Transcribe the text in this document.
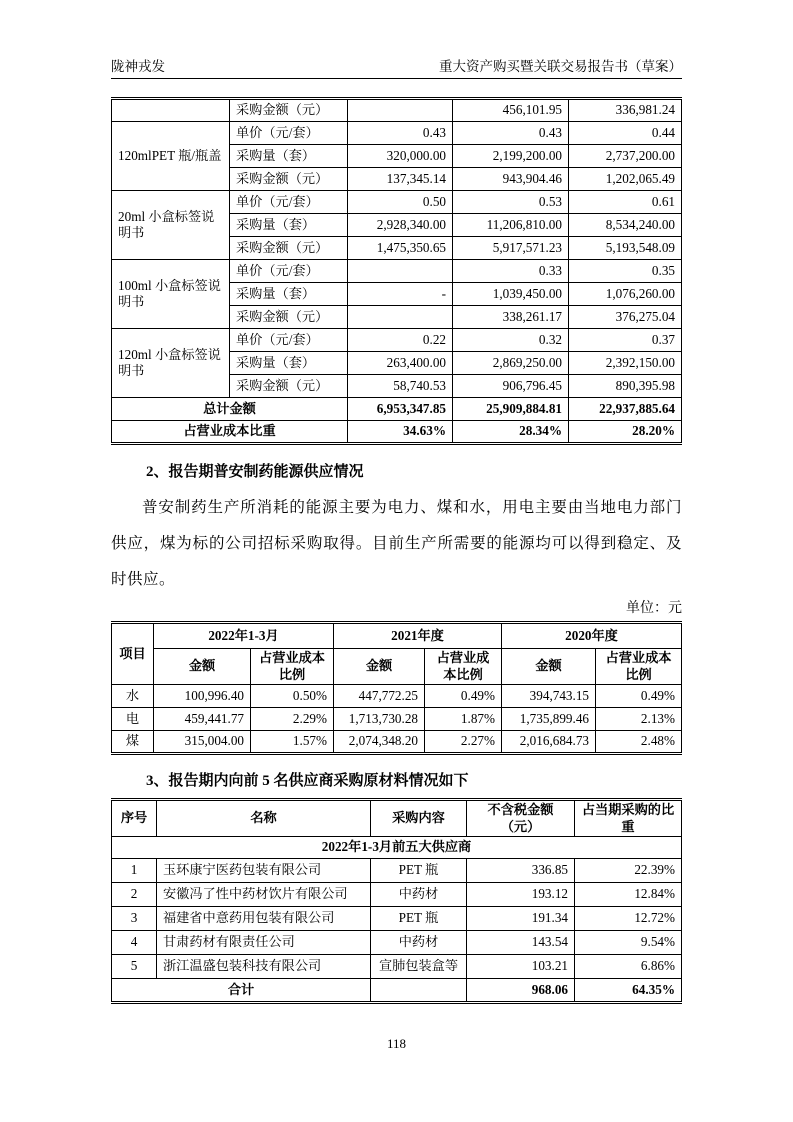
陇神戎发	重大资产购买暨关联交易报告书（草案）
	采购金额（元）		456,101.95	336,981.24
120mlPET 瓶/瓶盖	单价（元/套）	0.43	0.43	0.44
	采购量（套）	320,000.00	2,199,200.00	2,737,200.00
	采购金额（元）	137,345.14	943,904.46	1,202,065.49
20ml 小盒标签说明书	单价（元/套）	0.50	0.53	0.61
	采购量（套）	2,928,340.00	11,206,810.00	8,534,240.00
	采购金额（元）	1,475,350.65	5,917,571.23	5,193,548.09
100ml 小盒标签说明书	单价（元/套）		0.33	0.35
	采购量（套）	-	1,039,450.00	1,076,260.00
	采购金额（元）		338,261.17	376,275.04
120ml 小盒标签说明书	单价（元/套）	0.22	0.32	0.37
	采购量（套）	263,400.00	2,869,250.00	2,392,150.00
	采购金额（元）	58,740.53	906,796.45	890,395.98
总计金额		6,953,347.85	25,909,884.81	22,937,885.64
占营业成本比重		34.63%	28.34%	28.20%
2、报告期普安制药能源供应情况

普安制药生产所消耗的能源主要为电力、煤和水，用电主要由当地电力部门供应，煤为标的公司招标采购取得。目前生产所需要的能源均可以得到稳定、及时供应。

单位：元
项目	2022年1-3月		2021年度		2020年度	
	金额	占营业成本比例	金额	占营业成本比例	金额	占营业成本比例
水	100,996.40	0.50%	447,772.25	0.49%	394,743.15	0.49%
电	459,441.77	2.29%	1,713,730.28	1.87%	1,735,899.46	2.13%
煤	315,004.00	1.57%	2,074,348.20	2.27%	2,016,684.73	2.48%
3、报告期内向前 5 名供应商采购原材料情况如下
序号	名称	采购内容	不含税金额（元）	占当期采购的比重
2022年1-3月前五大供应商				
1	玉环康宁医药包装有限公司	PET 瓶	336.85	22.39%
2	安徽冯了性中药材饮片有限公司	中药材	193.12	12.84%
3	福建省中意药用包装有限公司	PET 瓶	191.34	12.72%
4	甘肃药材有限责任公司	中药材	143.54	9.54%
5	浙江温盛包装科技有限公司	宣肺包装盒等	103.21	6.86%
合计			968.06	64.35%
118
